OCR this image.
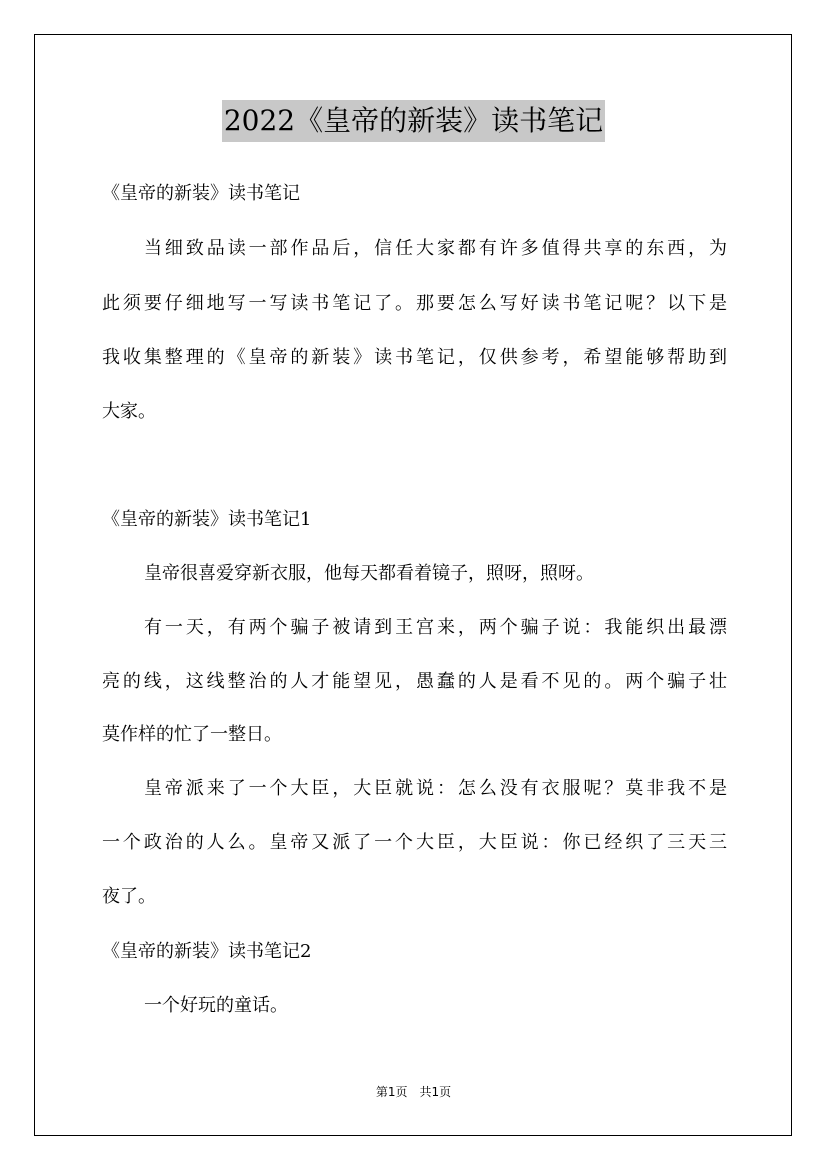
2022《皇帝的新装》读书笔记
《皇帝的新装》读书笔记
当细致品读一部作品后，信任大家都有许多值得共享的东西，为
此须要仔细地写一写读书笔记了。那要怎么写好读书笔记呢？以下是
我收集整理的《皇帝的新装》读书笔记，仅供参考，希望能够帮助到
大家。
《皇帝的新装》读书笔记1
皇帝很喜爱穿新衣服，他每天都看着镜子，照呀，照呀。
有一天，有两个骗子被请到王宫来，两个骗子说：我能织出最漂
亮的线，这线整治的人才能望见，愚蠢的人是看不见的。两个骗子壮
莫作样的忙了一整日。
皇帝派来了一个大臣，大臣就说：怎么没有衣服呢？莫非我不是
一个政治的人么。皇帝又派了一个大臣，大臣说：你已经织了三天三
夜了。
《皇帝的新装》读书笔记2
一个好玩的童话。
第1页 共1页
